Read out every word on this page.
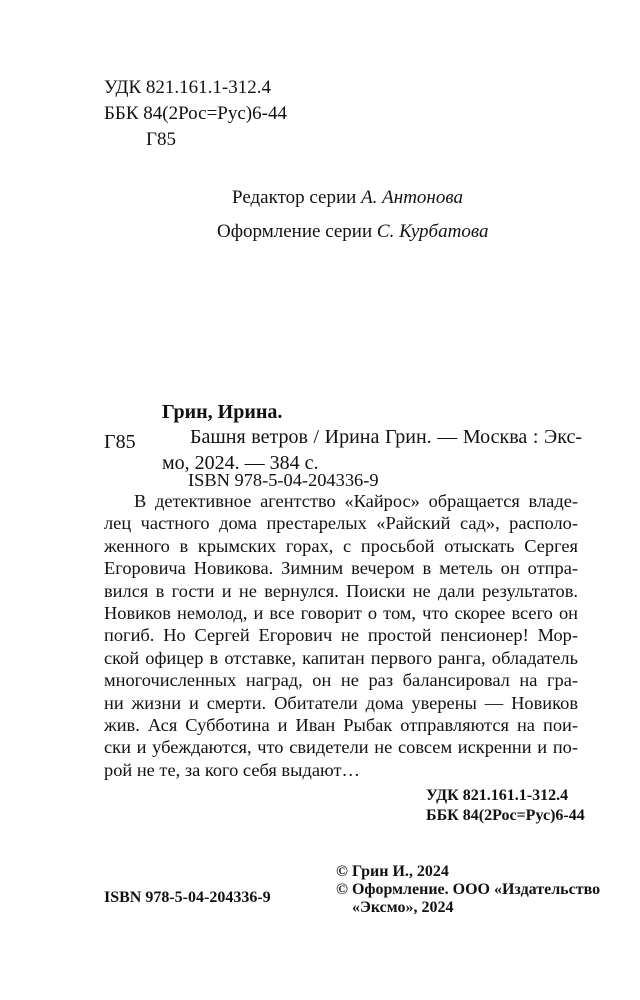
УДК 821.161.1-312.4
ББК 84(2Рос=Рус)6-44
Г85
Редактор серии А. Антонова
Оформление серии С. Курбатова
Грин, Ирина.
Г85	Башня ветров / Ирина Грин. — Москва : Экс-
мо, 2024. — 384 с.
ISBN 978-5-04-204336-9
В детективное агентство «Кайрос» обращается владе-
лец частного дома престарелых «Райский сад», располо-
женного в крымских горах, с просьбой отыскать Сергея
Егоровича Новикова. Зимним вечером в метель он отпра-
вился в гости и не вернулся. Поиски не дали результатов.
Новиков немолод, и все говорит о том, что скорее всего он
погиб. Но Сергей Егорович не простой пенсионер! Мор-
ской офицер в отставке, капитан первого ранга, обладатель
многочисленных наград, он не раз балансировал на гра-
ни жизни и смерти. Обитатели дома уверены — Новиков
жив. Ася Субботина и Иван Рыбак отправляются на пои-
ски и убеждаются, что свидетели не совсем искренни и по-
рой не те, за кого себя выдают…
УДК 821.161.1-312.4
ББК 84(2Рос=Рус)6-44
© Грин И., 2024
© Оформление. ООО «Издательство
ISBN 978-5-04-204336-9
«Эксмо», 2024
